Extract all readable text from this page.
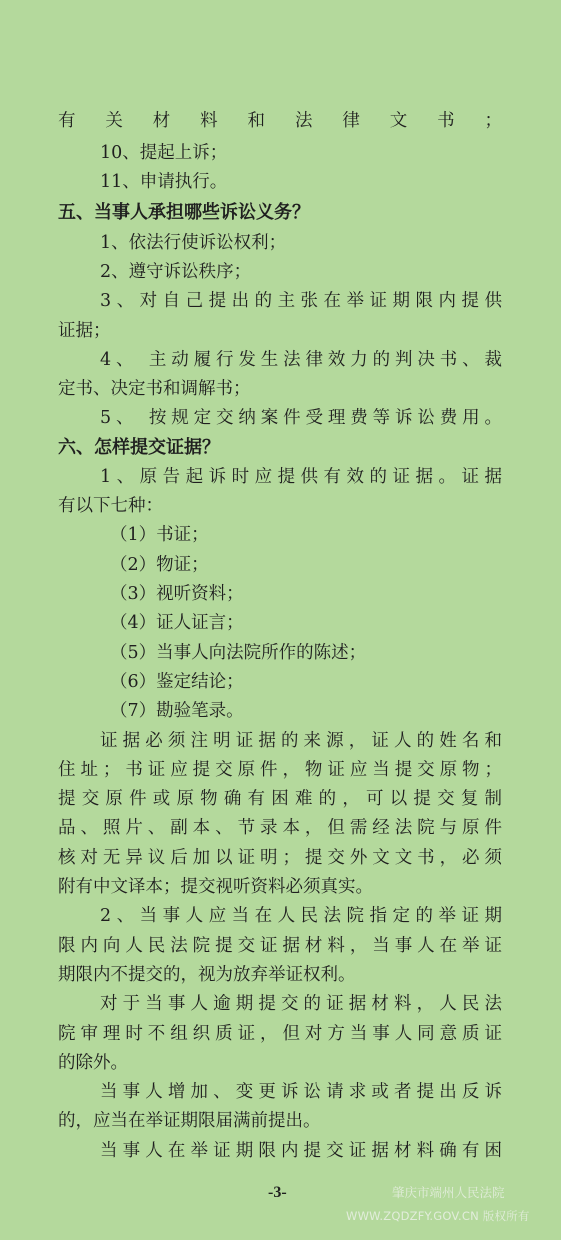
有关材料和法律文书；
10、提起上诉；
11、申请执行。
五、当事人承担哪些诉讼义务？
1、依法行使诉讼权利；
2、遵守诉讼秩序；
3、对自己提出的主张在举证期限内提供
证据；
4、 主动履行发生法律效力的判决书、裁
定书、决定书和调解书；
5、 按规定交纳案件受理费等诉讼费用。
六、怎样提交证据？
1、原告起诉时应提供有效的证据。证据
有以下七种：
（1）书证；
（2）物证；
（3）视听资料；
（4）证人证言；
（5）当事人向法院所作的陈述；
（6）鉴定结论；
（7）勘验笔录。
证据必须注明证据的来源，证人的姓名和
住址；书证应提交原件，物证应当提交原物；
提交原件或原物确有困难的，可以提交复制
品、照片、副本、节录本，但需经法院与原件
核对无异议后加以证明；提交外文文书，必须
附有中文译本；提交视听资料必须真实。
2、当事人应当在人民法院指定的举证期
限内向人民法院提交证据材料，当事人在举证
期限内不提交的，视为放弃举证权利。
对于当事人逾期提交的证据材料，人民法
院审理时不组织质证，但对方当事人同意质证
的除外。
当事人增加、变更诉讼请求或者提出反诉
的，应当在举证期限届满前提出。
当事人在举证期限内提交证据材料确有困
-3-	肇庆市端州人民法院
WWW.ZQDZFY.GOV.CN 版权所有
